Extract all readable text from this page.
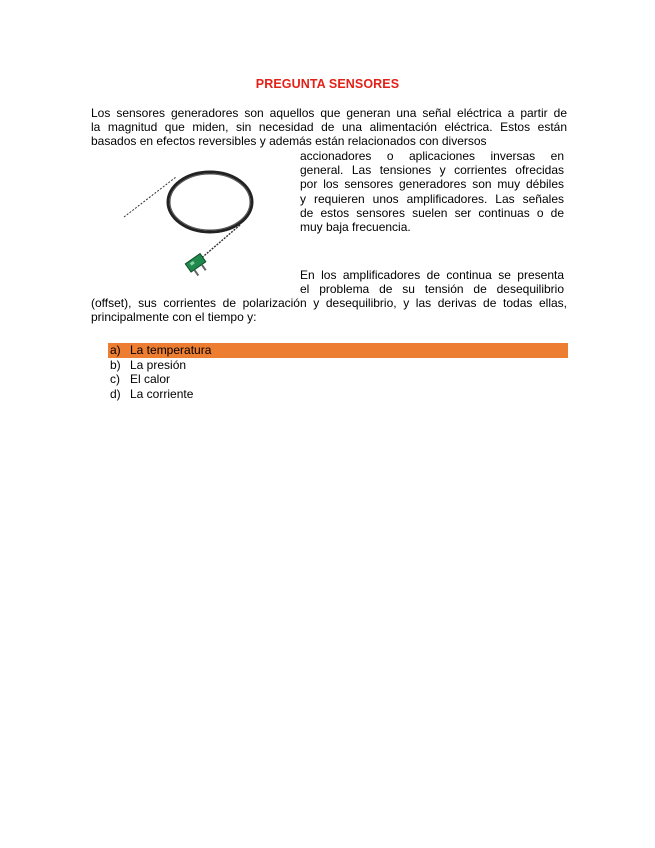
PREGUNTA SENSORES
Los sensores generadores son aquellos que generan una señal eléctrica a partir de
la magnitud que miden, sin necesidad de una alimentación eléctrica. Estos están
basados en efectos reversibles y además están relacionados con diversos
accionadores o aplicaciones inversas en
general. Las tensiones y corrientes ofrecidas
por los sensores generadores son muy débiles
y requieren unos amplificadores. Las señales
de estos sensores suelen ser continuas o de
muy baja frecuencia.
En los amplificadores de continua se presenta
el problema de su tensión de desequilibrio
(offset), sus corrientes de polarización y desequilibrio, y las derivas de todas ellas,
principalmente con el tiempo y:
a) La temperatura
b) La presión
c) El calor
d) La corriente
